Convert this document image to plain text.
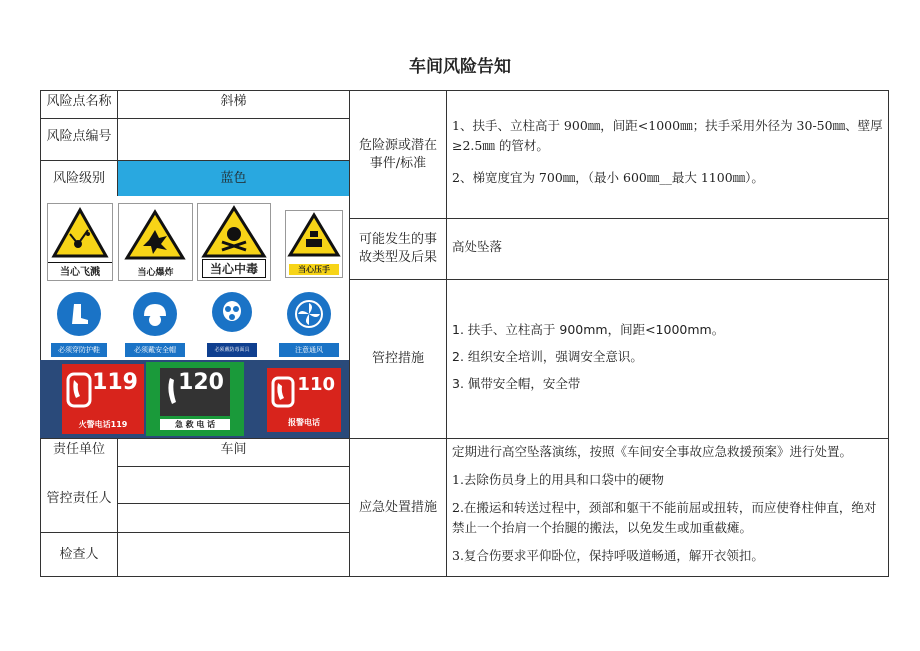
车间风险告知
风险点名称	斜梯
风险点编号
风险级别	蓝色
当心飞溅	当心爆炸	当心中毒	当心压手
必须穿防护鞋	必须戴安全帽	必须戴防毒面具	注意通风
119
火警电话119
120
急 救 电 话
110
报警电话
责任单位	车间
管控责任人
检查人
危险源或潜在事件/标准
1、扶手、立柱高于 900㎜，间距<1000㎜；扶手采用外径为 30-50㎜、壁厚≥2.5㎜ 的管材。
2、梯宽度宜为 700㎜，（最小 600㎜__最大 1100㎜）。
可能发生的事故类型及后果
高处坠落
管控措施
1. 扶手、立柱高于 900mm，间距<1000mm。
2. 组织安全培训，强调安全意识。
3. 佩带安全帽，安全带
应急处置措施
定期进行高空坠落演练，按照《车间安全事故应急救援预案》进行处置。
1.去除伤员身上的用具和口袋中的硬物
2.在搬运和转送过程中，颈部和躯干不能前屈或扭转，而应使脊柱伸直，绝对禁止一个抬肩一个抬腿的搬法，以免发生或加重截瘫。
3.复合伤要求平仰卧位，保持呼吸道畅通，解开衣领扣。
